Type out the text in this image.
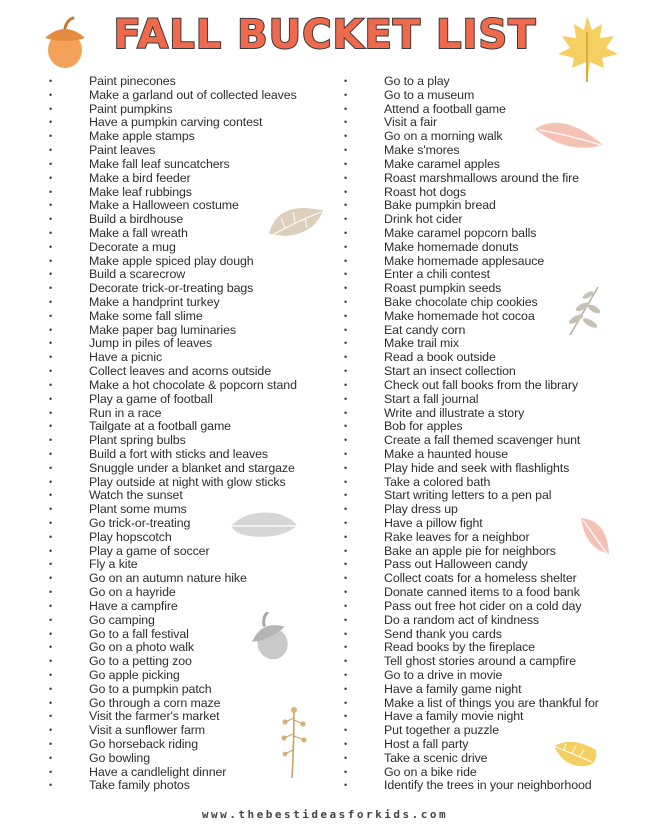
FALL BUCKET LIST
• Paint pinecones
• Make a garland out of collected leaves
• Paint pumpkins
• Have a pumpkin carving contest
• Make apple stamps
• Paint leaves
• Make fall leaf suncatchers
• Make a bird feeder
• Make leaf rubbings
• Make a Halloween costume
• Build a birdhouse
• Make a fall wreath
• Decorate a mug
• Make apple spiced play dough
• Build a scarecrow
• Decorate trick-or-treating bags
• Make a handprint turkey
• Make some fall slime
• Make paper bag luminaries
• Jump in piles of leaves
• Have a picnic
• Collect leaves and acorns outside
• Make a hot chocolate & popcorn stand
• Play a game of football
• Run in a race
• Tailgate at a football game
• Plant spring bulbs
• Build a fort with sticks and leaves
• Snuggle under a blanket and stargaze
• Play outside at night with glow sticks
• Watch the sunset
• Plant some mums
• Go trick-or-treating
• Play hopscotch
• Play a game of soccer
• Fly a kite
• Go on an autumn nature hike
• Go on a hayride
• Have a campfire
• Go camping
• Go to a fall festival
• Go on a photo walk
• Go to a petting zoo
• Go apple picking
• Go to a pumpkin patch
• Go through a corn maze
• Visit the farmer's market
• Visit a sunflower farm
• Go horseback riding
• Go bowling
• Have a candlelight dinner
• Take family photos
• Go to a play
• Go to a museum
• Attend a football game
• Visit a fair
• Go on a morning walk
• Make s'mores
• Make caramel apples
• Roast marshmallows around the fire
• Roast hot dogs
• Bake pumpkin bread
• Drink hot cider
• Make caramel popcorn balls
• Make homemade donuts
• Make homemade applesauce
• Enter a chili contest
• Roast pumpkin seeds
• Bake chocolate chip cookies
• Make homemade hot cocoa
• Eat candy corn
• Make trail mix
• Read a book outside
• Start an insect collection
• Check out fall books from the library
• Start a fall journal
• Write and illustrate a story
• Bob for apples
• Create a fall themed scavenger hunt
• Make a haunted house
• Play hide and seek with flashlights
• Take a colored bath
• Start writing letters to a pen pal
• Play dress up
• Have a pillow fight
• Rake leaves for a neighbor
• Bake an apple pie for neighbors
• Pass out Halloween candy
• Collect coats for a homeless shelter
• Donate canned items to a food bank
• Pass out free hot cider on a cold day
• Do a random act of kindness
• Send thank you cards
• Read books by the fireplace
• Tell ghost stories around a campfire
• Go to a drive in movie
• Have a family game night
• Make a list of things you are thankful for
• Have a family movie night
• Put together a puzzle
• Host a fall party
• Take a scenic drive
• Go on a bike ride
• Identify the trees in your neighborhood
www.thebestideasforkids.com
